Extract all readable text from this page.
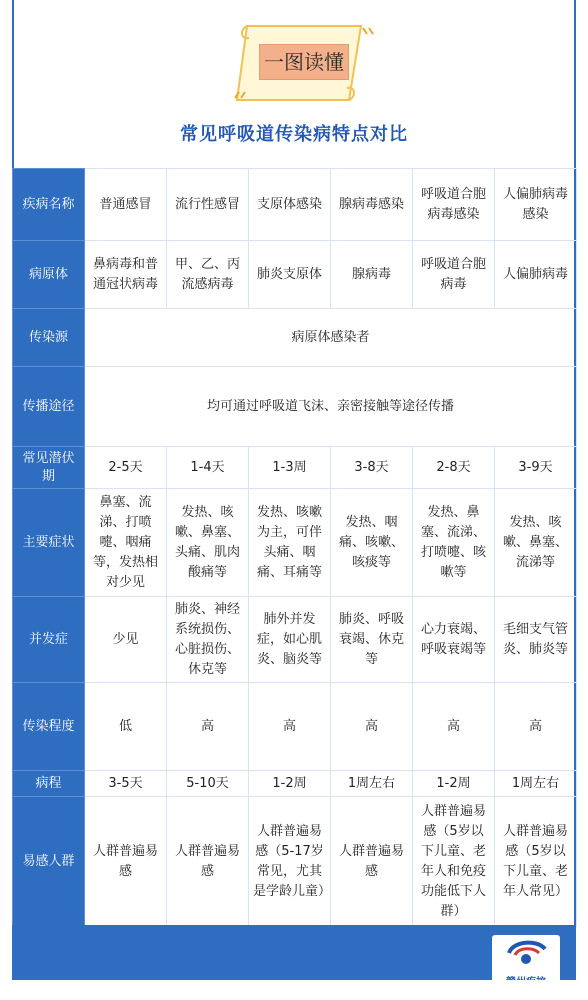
一图读懂
常见呼吸道传染病特点对比
疾病名称	普通感冒	流行性感冒	支原体感染	腺病毒感染	呼吸道合胞病毒感染	人偏肺病毒感染
病原体	鼻病毒和普通冠状病毒	甲、乙、丙流感病毒	肺炎支原体	腺病毒	呼吸道合胞病毒	人偏肺病毒
传染源	病原体感染者					
传播途径	均可通过呼吸道飞沫、亲密接触等途径传播					
常见潜伏期	2-5天	1-4天	1-3周	3-8天	2-8天	3-9天
主要症状	鼻塞、流涕、打喷嚏、咽痛等，发热相对少见	发热、咳嗽、鼻塞、头痛、肌肉酸痛等	发热、咳嗽为主，可伴头痛、咽痛、耳痛等	发热、咽痛、咳嗽、咳痰等	发热、鼻塞、流涕、打喷嚏、咳嗽等	发热、咳嗽、鼻塞、流涕等
并发症	少见	肺炎、神经系统损伤、心脏损伤、休克等	肺外并发症，如心肌炎、脑炎等	肺炎、呼吸衰竭、休克等	心力衰竭、呼吸衰竭等	毛细支气管炎、肺炎等
传染程度	低	高	高	高	高	高
病程	3-5天	5-10天	1-2周	1周左右	1-2周	1周左右
易感人群	人群普遍易感	人群普遍易感	人群普遍易感（5-17岁常见，尤其是学龄儿童）	人群普遍易感	人群普遍易感（5岁以下儿童、老年人和免疫功能低下人群）	人群普遍易感（5岁以下儿童、老年人常见）
